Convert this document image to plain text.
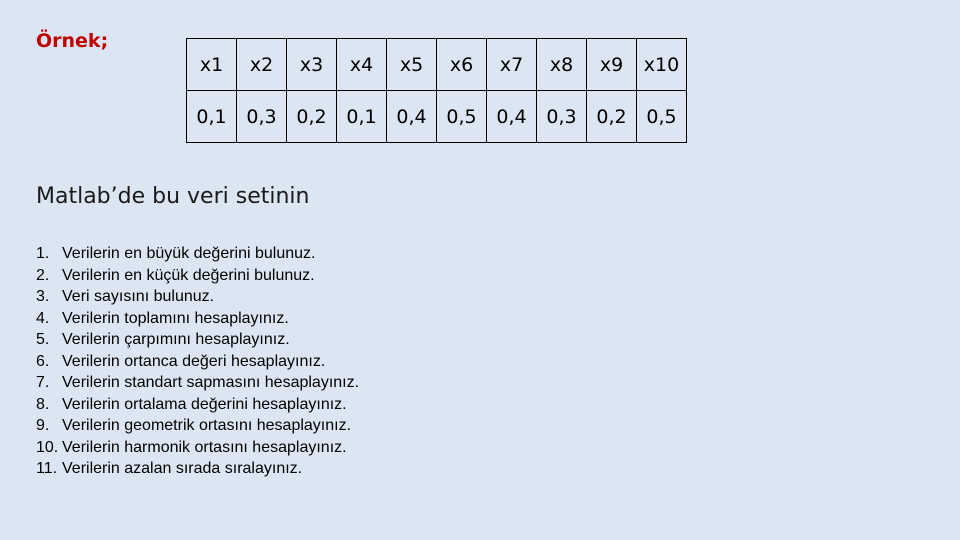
Örnek;
x1	x2	x3	x4	x5	x6	x7	x8	x9	x10
0,1	0,3	0,2	0,1	0,4	0,5	0,4	0,3	0,2	0,5
Matlab’de bu veri setinin
1. Verilerin en büyük değerini bulunuz.
2. Verilerin en küçük değerini bulunuz.
3. Veri sayısını bulunuz.
4. Verilerin toplamını hesaplayınız.
5. Verilerin çarpımını hesaplayınız.
6. Verilerin ortanca değeri hesaplayınız.
7. Verilerin standart sapmasını hesaplayınız.
8. Verilerin ortalama değerini hesaplayınız.
9. Verilerin geometrik ortasını hesaplayınız.
10. Verilerin harmonik ortasını hesaplayınız.
11. Verilerin azalan sırada sıralayınız.
